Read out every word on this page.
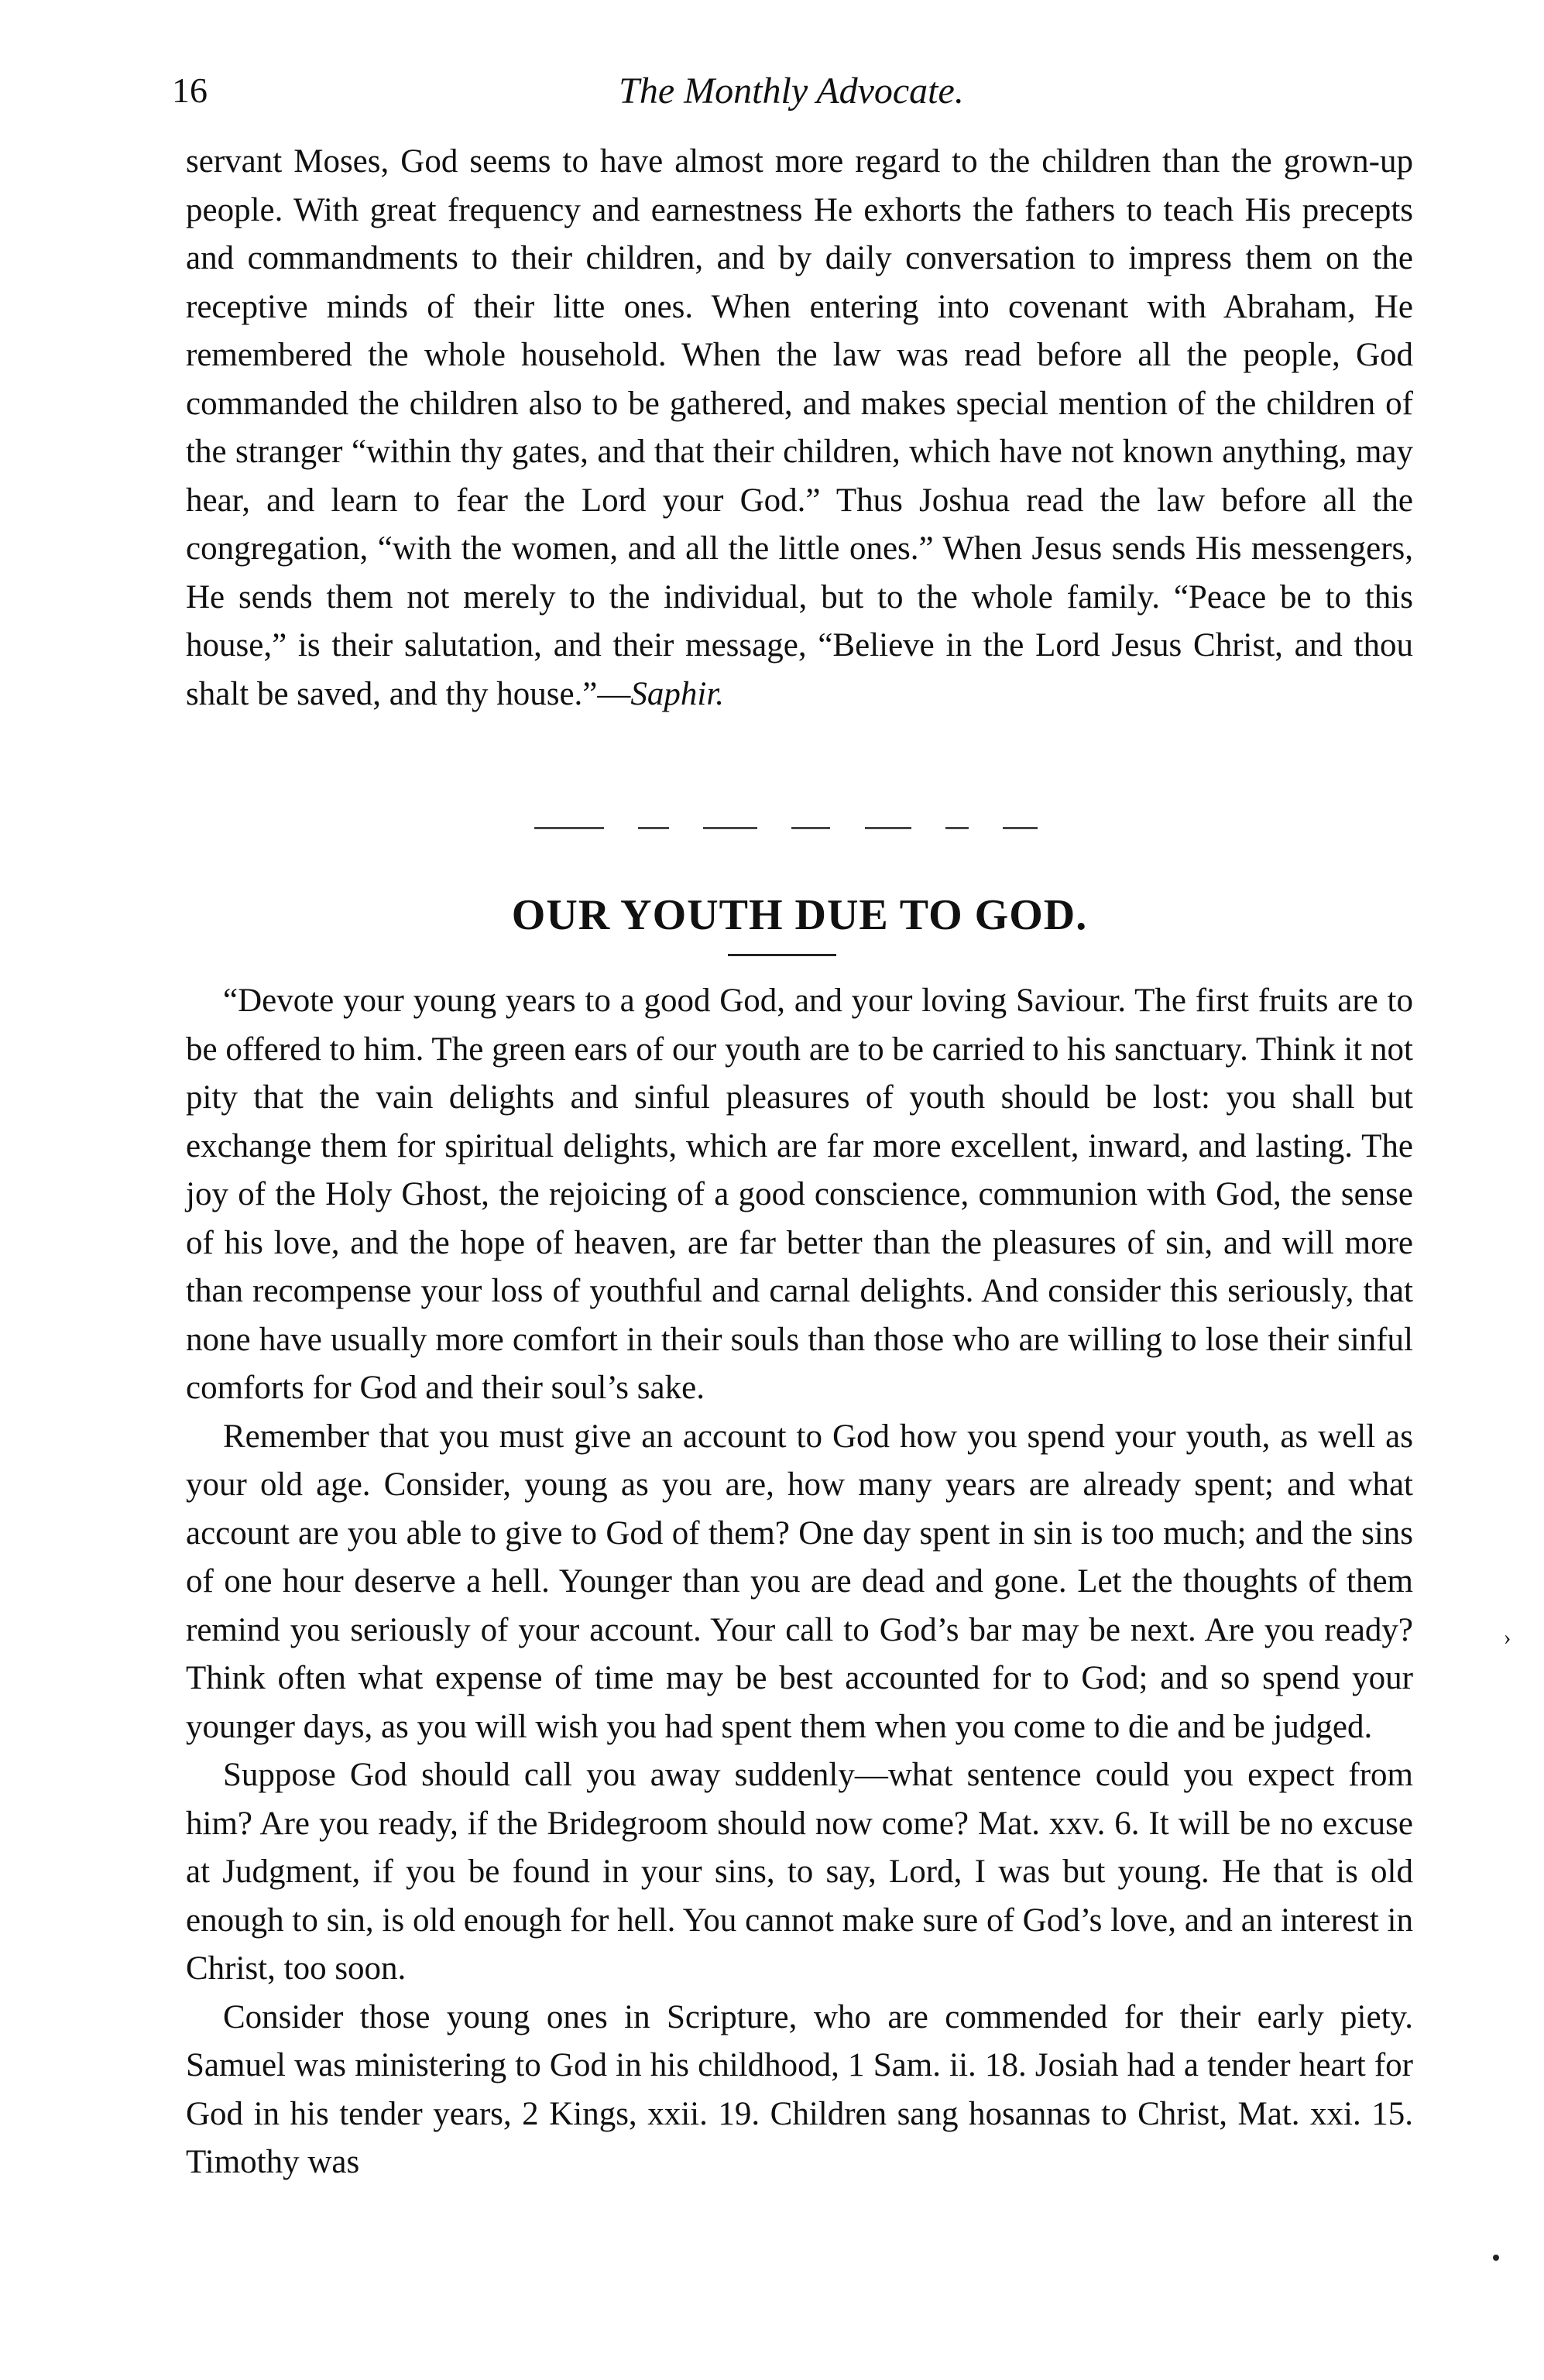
16	The Monthly Advocate.

servant Moses, God seems to have almost more regard to the children than the grown-up people. With great frequency and earnestness He exhorts the fathers to teach His precepts and commandments to their children, and by daily conversation to impress them on the receptive minds of their litte ones. When entering into covenant with Abraham, He remembered the whole household. When the law was read before all the people, God commanded the children also to be gathered, and makes special mention of the children of the stranger “within thy gates, and that their children, which have not known anything, may hear, and learn to fear the Lord your God.” Thus Joshua read the law before all the congregation, “with the women, and all the little ones.” When Jesus sends His messengers, He sends them not merely to the individual, but to the whole family. “Peace be to this house,” is their salutation, and their message, “Believe in the Lord Jesus Christ, and thou shalt be saved, and thy house.”—Saphir.

OUR YOUTH DUE TO GOD.

“Devote your young years to a good God, and your loving Saviour. The first fruits are to be offered to him. The green ears of our youth are to be carried to his sanctuary. Think it not pity that the vain delights and sinful pleasures of youth should be lost: you shall but exchange them for spiritual delights, which are far more excellent, inward, and lasting. The joy of the Holy Ghost, the rejoicing of a good conscience, communion with God, the sense of his love, and the hope of heaven, are far better than the pleasures of sin, and will more than recompense your loss of youthful and carnal delights. And consider this seriously, that none have usually more comfort in their souls than those who are willing to lose their sinful comforts for God and their soul’s sake.

Remember that you must give an account to God how you spend your youth, as well as your old age. Consider, young as you are, how many years are already spent; and what account are you able to give to God of them? One day spent in sin is too much; and the sins of one hour deserve a hell. Younger than you are dead and gone. Let the thoughts of them remind you seriously of your account. Your call to God’s bar may be next. Are you ready? Think often what expense of time may be best accounted for to God; and so spend your younger days, as you will wish you had spent them when you come to die and be judged.

Suppose God should call you away suddenly—what sentence could you expect from him? Are you ready, if the Bridegroom should now come? Mat. xxv. 6. It will be no excuse at Judgment, if you be found in your sins, to say, Lord, I was but young. He that is old enough to sin, is old enough for hell. You cannot make sure of God’s love, and an interest in Christ, too soon.

Consider those young ones in Scripture, who are commended for their early piety. Samuel was ministering to God in his childhood, 1 Sam. ii. 18. Josiah had a tender heart for God in his tender years, 2 Kings, xxii. 19. Children sang hosannas to Christ, Mat. xxi. 15. Timothy was

›
